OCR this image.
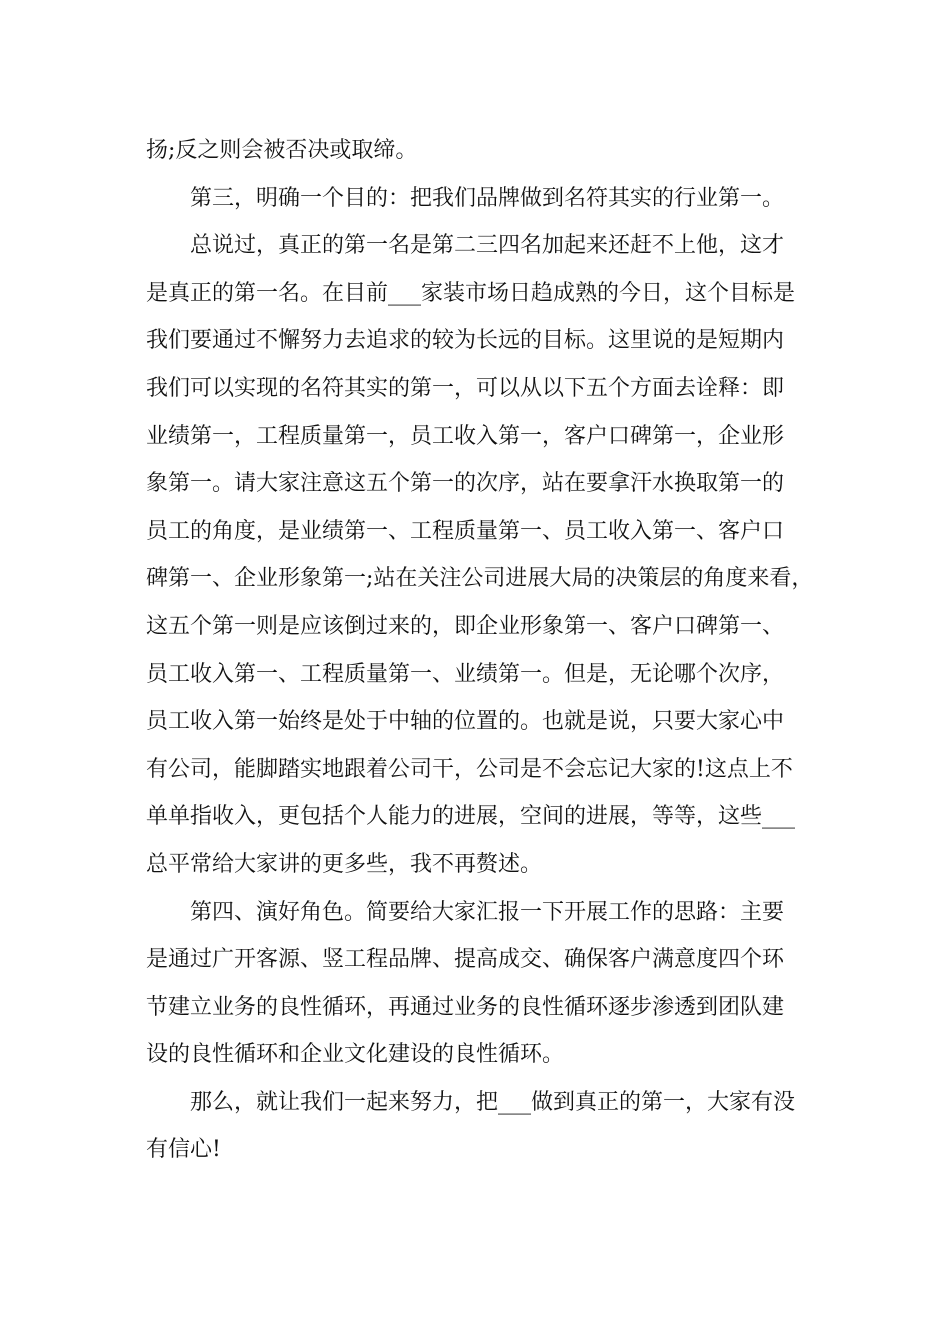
扬;反之则会被否决或取缔。
第三，明确一个目的：把我们品牌做到名符其实的行业第一。
总说过，真正的第一名是第二三四名加起来还赶不上他，这才
是真正的第一名。在目前___家装市场日趋成熟的今日，这个目标是
我们要通过不懈努力去追求的较为长远的目标。这里说的是短期内
我们可以实现的名符其实的第一，可以从以下五个方面去诠释：即
业绩第一，工程质量第一，员工收入第一，客户口碑第一，企业形
象第一。请大家注意这五个第一的次序，站在要拿汗水换取第一的
员工的角度，是业绩第一、工程质量第一、员工收入第一、客户口
碑第一、企业形象第一;站在关注公司进展大局的决策层的角度来看，
这五个第一则是应该倒过来的，即企业形象第一、客户口碑第一、
员工收入第一、工程质量第一、业绩第一。但是，无论哪个次序，
员工收入第一始终是处于中轴的位置的。也就是说，只要大家心中
有公司，能脚踏实地跟着公司干，公司是不会忘记大家的!这点上不
单单指收入，更包括个人能力的进展，空间的进展，等等，这些___
总平常给大家讲的更多些，我不再赘述。
第四、演好角色。简要给大家汇报一下开展工作的思路：主要
是通过广开客源、竖工程品牌、提高成交、确保客户满意度四个环
节建立业务的良性循环，再通过业务的良性循环逐步渗透到团队建
设的良性循环和企业文化建设的良性循环。
那么，就让我们一起来努力，把___做到真正的第一，大家有没
有信心!
